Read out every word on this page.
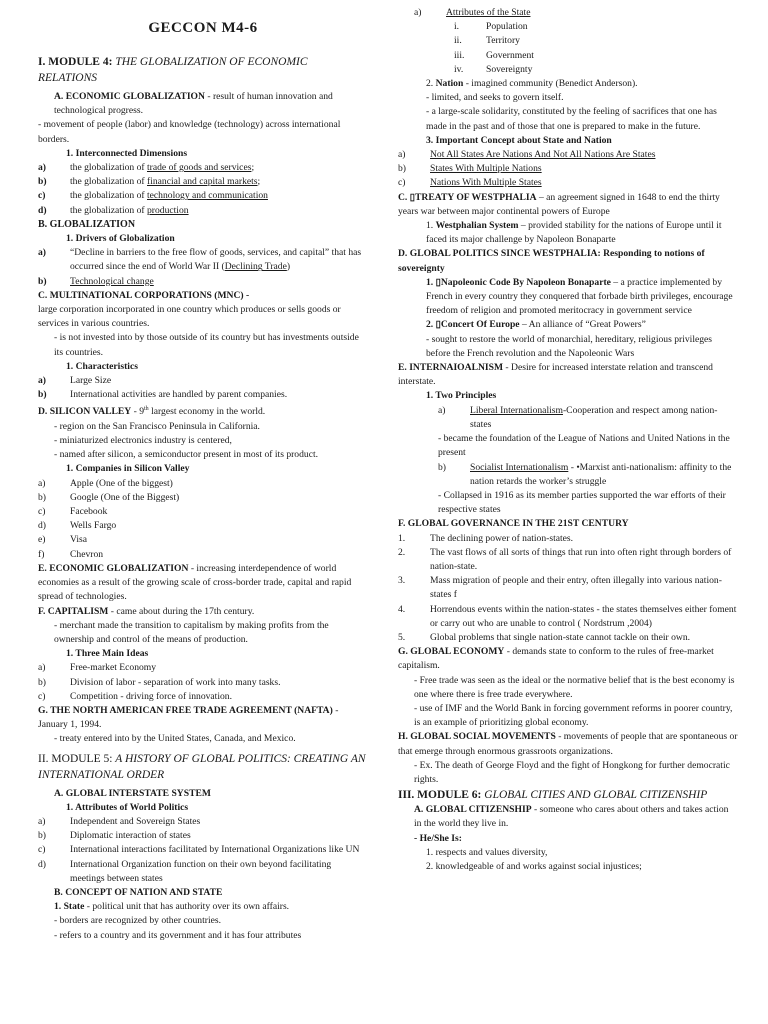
GECCON M4-6

I. MODULE 4: THE GLOBALIZATION OF ECONOMIC RELATIONS

A. ECONOMIC GLOBALIZATION - result of human innovation and technological progress.

- movement of people (labor) and knowledge (technology) across international borders.

1. Interconnected Dimensions

a)	the globalization of trade of goods and services;
b)	the globalization of financial and capital markets;
c)	the globalization of technology and communication
d)	the globalization of production

B. GLOBALIZATION

1. Drivers of Globalization

a)	“Decline in barriers to the free flow of goods, services, and capital” that has occurred since the end of World War II (Declining Trade)
b)	Technological change

C. MULTINATIONAL CORPORATIONS (MNC) -

large corporation incorporated in one country which produces or sells goods or services in various countries.

- is not invested into by those outside of its country but has investments outside its countries.

1. Characteristics

a)	Large Size
b)	International activities are handled by parent companies.

D. SILICON VALLEY - 9th largest economy in the world.

- region on the San Francisco Peninsula in California.

- miniaturized electronics industry is centered,

- named after silicon, a semiconductor present in most of its product.

1. Companies in Silicon Valley

a)	Apple (One of the biggest)
b)	Google (One of the Biggest)
c)	Facebook
d)	Wells Fargo
e)	Visa
f)	Chevron

E. ECONOMIC GLOBALIZATION - increasing interdependence of world economies as a result of the growing scale of cross-border trade, capital and rapid spread of technologies.

F. CAPITALISM - came about during the 17th century.

- merchant made the transition to capitalism by making profits from the ownership and control of the means of production.

1. Three Main Ideas

a)	Free-market Economy
b)	Division of labor - separation of work into many tasks.
c)	Competition - driving force of innovation.

G. THE NORTH AMERICAN FREE TRADE AGREEMENT (NAFTA) - January 1, 1994.

- treaty entered into by the United States, Canada, and Mexico.

II. MODULE 5: A HISTORY OF GLOBAL POLITICS: CREATING AN INTERNATIONAL ORDER

A. GLOBAL INTERSTATE SYSTEM

1. Attributes of World Politics

a)	Independent and Sovereign States
b)	Diplomatic interaction of states
c)	International interactions facilitated by International Organizations like UN
d)	International Organization function on their own beyond facilitating meetings between states

B. CONCEPT OF NATION AND STATE

1. State - political unit that has authority over its own affairs.

- borders are recognized by other countries.

- refers to a country and its government and it has four attributes

a)	Attributes of the State
i.	Population
ii.	Territory
iii.	Government
iv.	Sovereignty

2. Nation - imagined community (Benedict Anderson).

- limited, and seeks to govern itself.

- a large-scale solidarity, constituted by the feeling of sacrifices that one has made in the past and of those that one is prepared to make in the future.

3. Important Concept about State and Nation

a)	Not All States Are Nations And Not All Nations Are States
b)	States With Multiple Nations
c)	Nations With Multiple States

C. ▯TREATY OF WESTPHALIA – an agreement signed in 1648 to end the thirty years war between major continental powers of Europe

1. Westphalian System – provided stability for the nations of Europe until it faced its major challenge by Napoleon Bonaparte

D. GLOBAL POLITICS SINCE WESTPHALIA: Responding to notions of sovereignty

1. ▯Napoleonic Code By Napoleon Bonaparte – a practice implemented by French in every country they conquered that forbade birth privileges, encourage freedom of religion and promoted meritocracy in government service

2. ▯Concert Of Europe – An alliance of “Great Powers”

- sought to restore the world of monarchial, hereditary, religious privileges before the French revolution and the Napoleonic Wars

E. INTERNAIOALNISM - Desire for increased interstate relation and transcend interstate.

1. Two Principles

a)	Liberal Internationalism-Cooperation and respect among nation-states

- became the foundation of the League of Nations and United Nations in the present

b)	Socialist Internationalism - •Marxist anti-nationalism: affinity to the nation retards the worker’s struggle

- Collapsed in 1916 as its member parties supported the war efforts of their respective states

F. GLOBAL GOVERNANCE IN THE 21ST CENTURY

1.	The declining power of nation-states.
2.	The vast flows of all sorts of things that run into often right through borders of nation-state.
3.	Mass migration of people and their entry, often illegally into various nation-states f
4.	Horrendous events within the nation-states - the states themselves either foment or carry out who are unable to control ( Nordstrum ,2004)
5.	Global problems that single nation-state cannot tackle on their own.

G. GLOBAL ECONOMY - demands state to conform to the rules of free-market capitalism.

- Free trade was seen as the ideal or the normative belief that is the best economy is one where there is free trade everywhere.

- use of IMF and the World Bank in forcing government reforms in poorer country, is an example of prioritizing global economy.

H. GLOBAL SOCIAL MOVEMENTS - movements of people that are spontaneous or that emerge through enormous grassroots organizations.

- Ex. The death of George Floyd and the fight of Hongkong for further democratic rights.

III. MODULE 6: GLOBAL CITIES AND GLOBAL CITIZENSHIP

A. GLOBAL CITIZENSHIP - someone who cares about others and takes action in the world they live in.

- He/She Is:

1. respects and values diversity,

2. knowledgeable of and works against social injustices;
